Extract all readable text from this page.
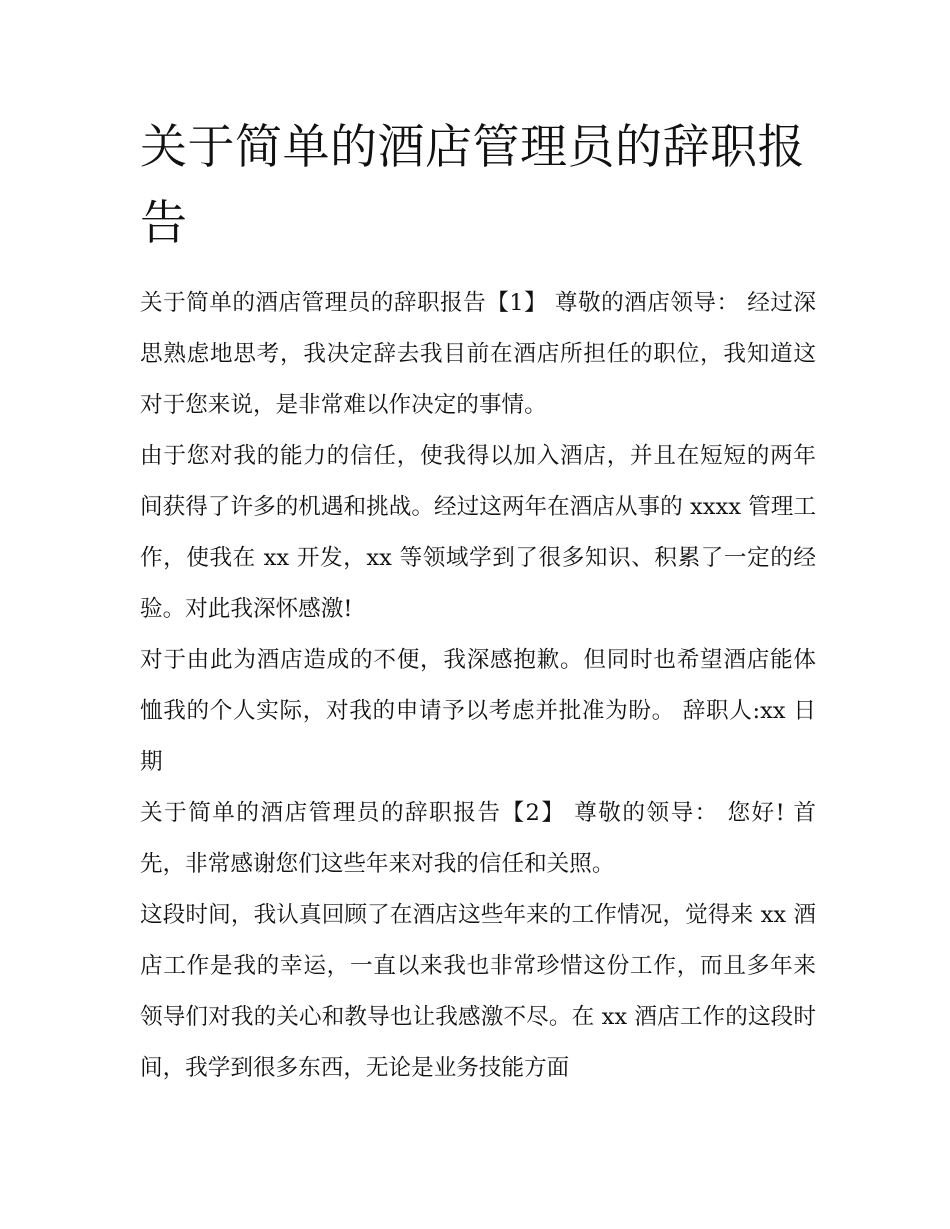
关于简单的酒店管理员的辞职报告

关于简单的酒店管理员的辞职报告【1】 尊敬的酒店领导： 经过深思熟虑地思考，我决定辞去我目前在酒店所担任的职位，我知道这对于您来说，是非常难以作决定的事情。

由于您对我的能力的信任，使我得以加入酒店，并且在短短的两年间获得了许多的机遇和挑战。经过这两年在酒店从事的 xxxx 管理工作，使我在 xx 开发，xx 等领域学到了很多知识、积累了一定的经验。对此我深怀感激!

对于由此为酒店造成的不便，我深感抱歉。但同时也希望酒店能体恤我的个人实际，对我的申请予以考虑并批准为盼。 辞职人:xx 日期

关于简单的酒店管理员的辞职报告【2】 尊敬的领导： 您好! 首先，非常感谢您们这些年来对我的信任和关照。

这段时间，我认真回顾了在酒店这些年来的工作情况，觉得来 xx 酒店工作是我的幸运，一直以来我也非常珍惜这份工作，而且多年来领导们对我的关心和教导也让我感激不尽。在 xx 酒店工作的这段时间，我学到很多东西，无论是业务技能方面
